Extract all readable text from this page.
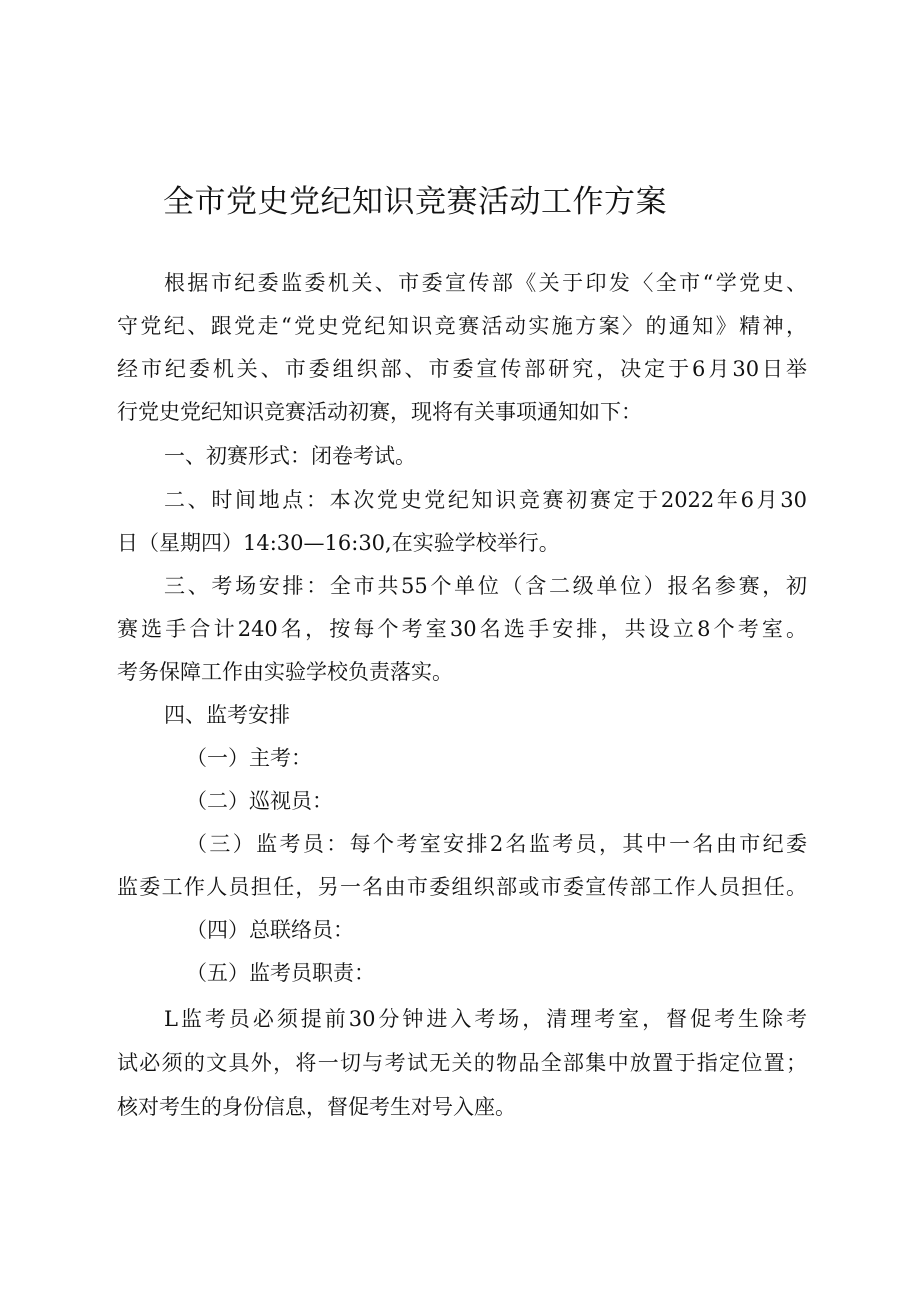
全市党史党纪知识竞赛活动工作方案

根据市纪委监委机关、市委宣传部《关于印发〈全市“学党史、

守党纪、跟党走“党史党纪知识竞赛活动实施方案〉的通知》精神，

经市纪委机关、市委组织部、市委宣传部研究，决定于6月30日举

行党史党纪知识竞赛活动初赛，现将有关事项通知如下：

一、初赛形式：闭卷考试。

二、时间地点：本次党史党纪知识竞赛初赛定于2022年6月30

日（星期四）14:30—16:30,在实验学校举行。

三、考场安排：全市共55个单位（含二级单位）报名参赛，初

赛选手合计240名，按每个考室30名选手安排，共设立8个考室。

考务保障工作由实验学校负责落实。

四、监考安排

（一）主考：

（二）巡视员：

（三）监考员：每个考室安排2名监考员，其中一名由市纪委

监委工作人员担任，另一名由市委组织部或市委宣传部工作人员担任。

（四）总联络员：

（五）监考员职责：

L监考员必须提前30分钟进入考场，清理考室，督促考生除考

试必须的文具外，将一切与考试无关的物品全部集中放置于指定位置；

核对考生的身份信息，督促考生对号入座。
